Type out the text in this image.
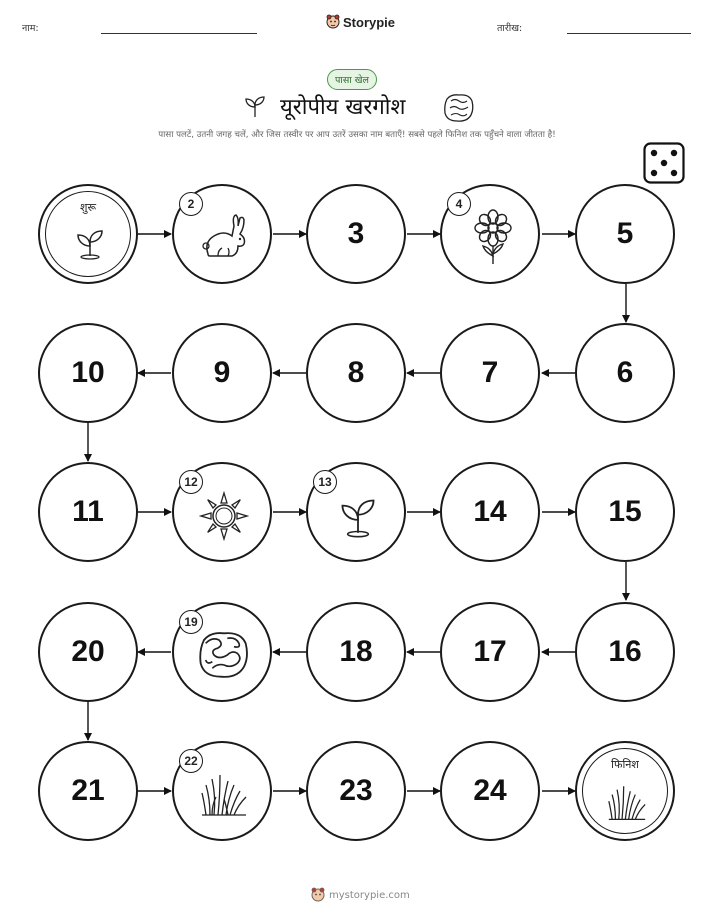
नाम:	Storypie	तारीख:
पासा खेल
यूरोपीय खरगोश
पासा पलटें, उतनी जगह चलें, और जिस तस्वीर पर आप उतरें उसका नाम बताएँ! सबसे पहले फिनिश तक पहुँचने वाला जीतता है!
शुरू	2
3
4
5
10	9	8	7	6
11
12	13
14	15
20
19
18	17	16
21
22
23	24
फिनिश
mystorypie.com
